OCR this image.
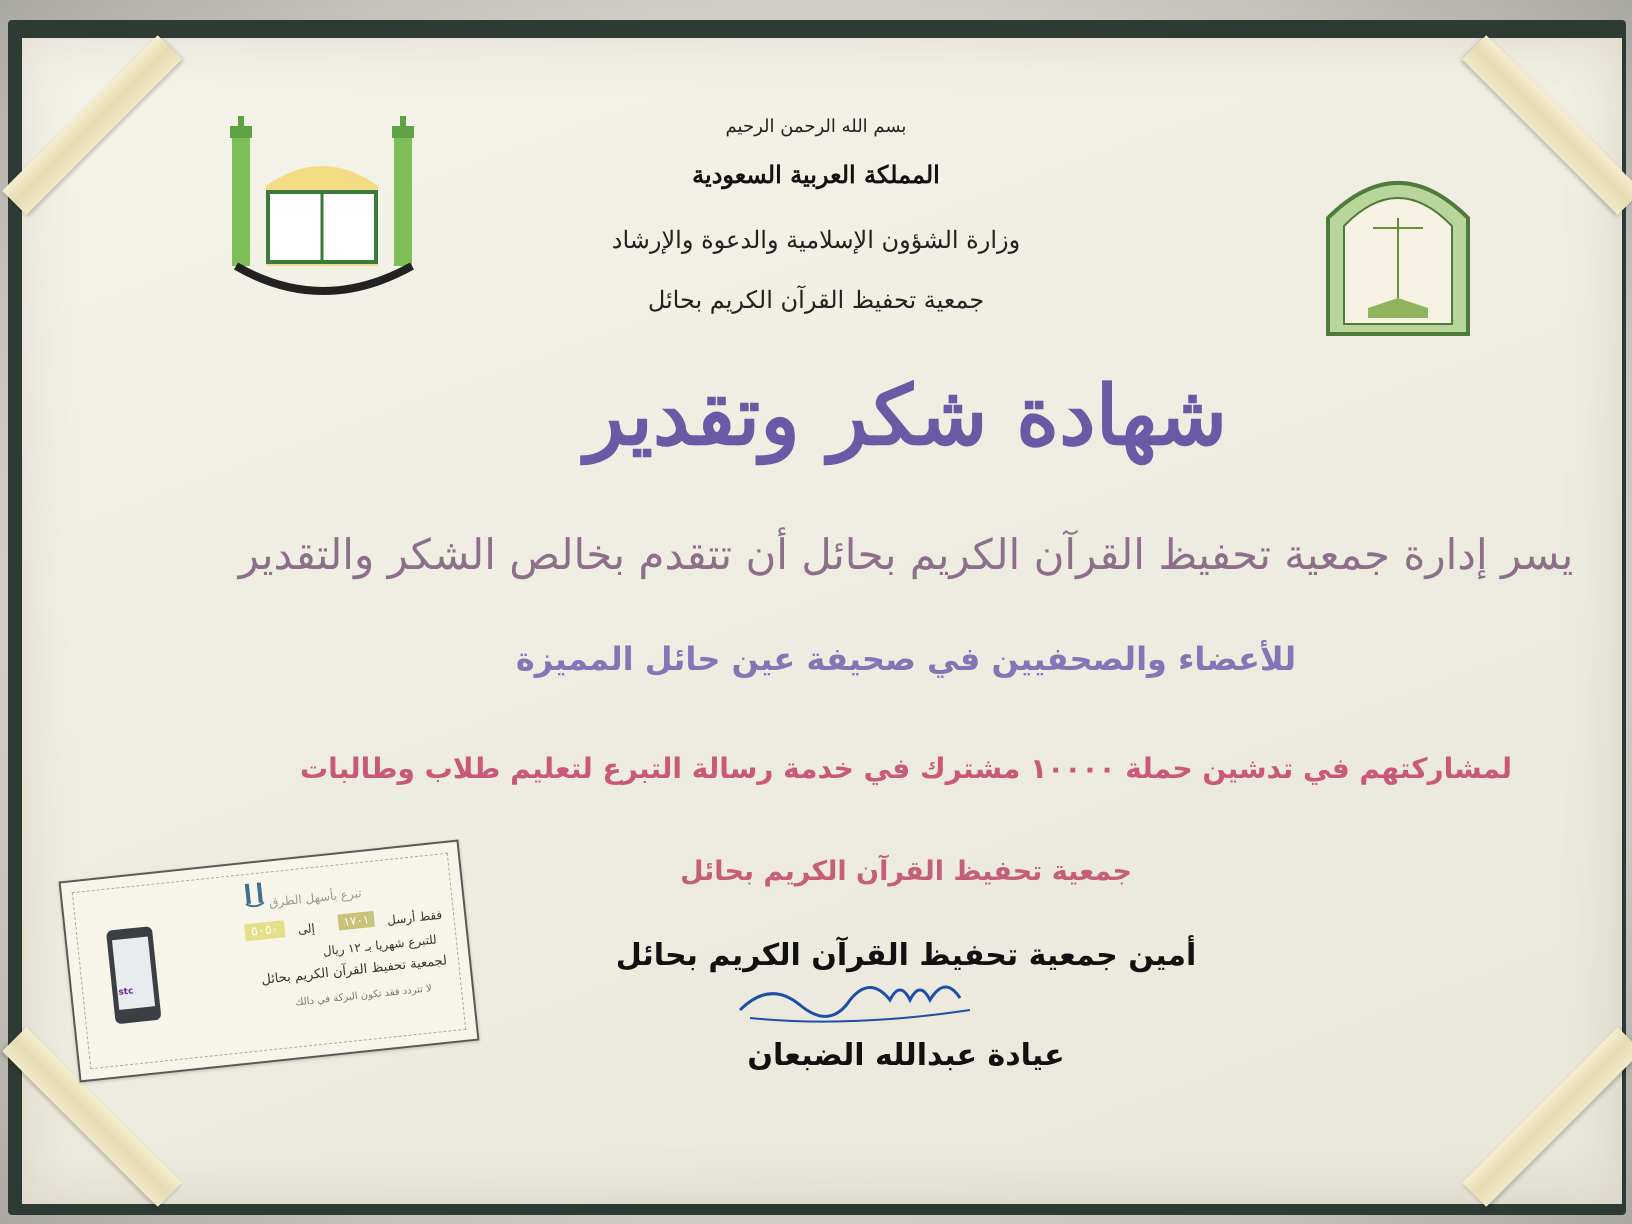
بسم الله الرحمن الرحيم
المملكة العربية السعودية
وزارة الشؤون الإسلامية والدعوة والإرشاد
جمعية تحفيظ القرآن الكريم بحائل
شهادة شكر وتقدير
يسر إدارة جمعية تحفيظ القرآن الكريم بحائل أن تتقدم بخالص الشكر والتقدير
للأعضاء والصحفيين في صحيفة عين حائل المميزة
لمشاركتهم في تدشين حملة ١٠٠٠٠ مشترك في خدمة رسالة التبرع لتعليم طلاب وطالبات
جمعية تحفيظ القرآن الكريم بحائل
أمين جمعية تحفيظ القرآن الكريم بحائل
عيادة عبدالله الضبعان
تبرع بأسهل الطرق
فقط أرسل
١٧٠١
إلى
٥٠٥٠
للتبرع شهريا بـ ١٢ ريال
لجمعية تحفيظ القرآن الكريم بحائل
لا تتردد فقد تكون البركة في دالك
stc
